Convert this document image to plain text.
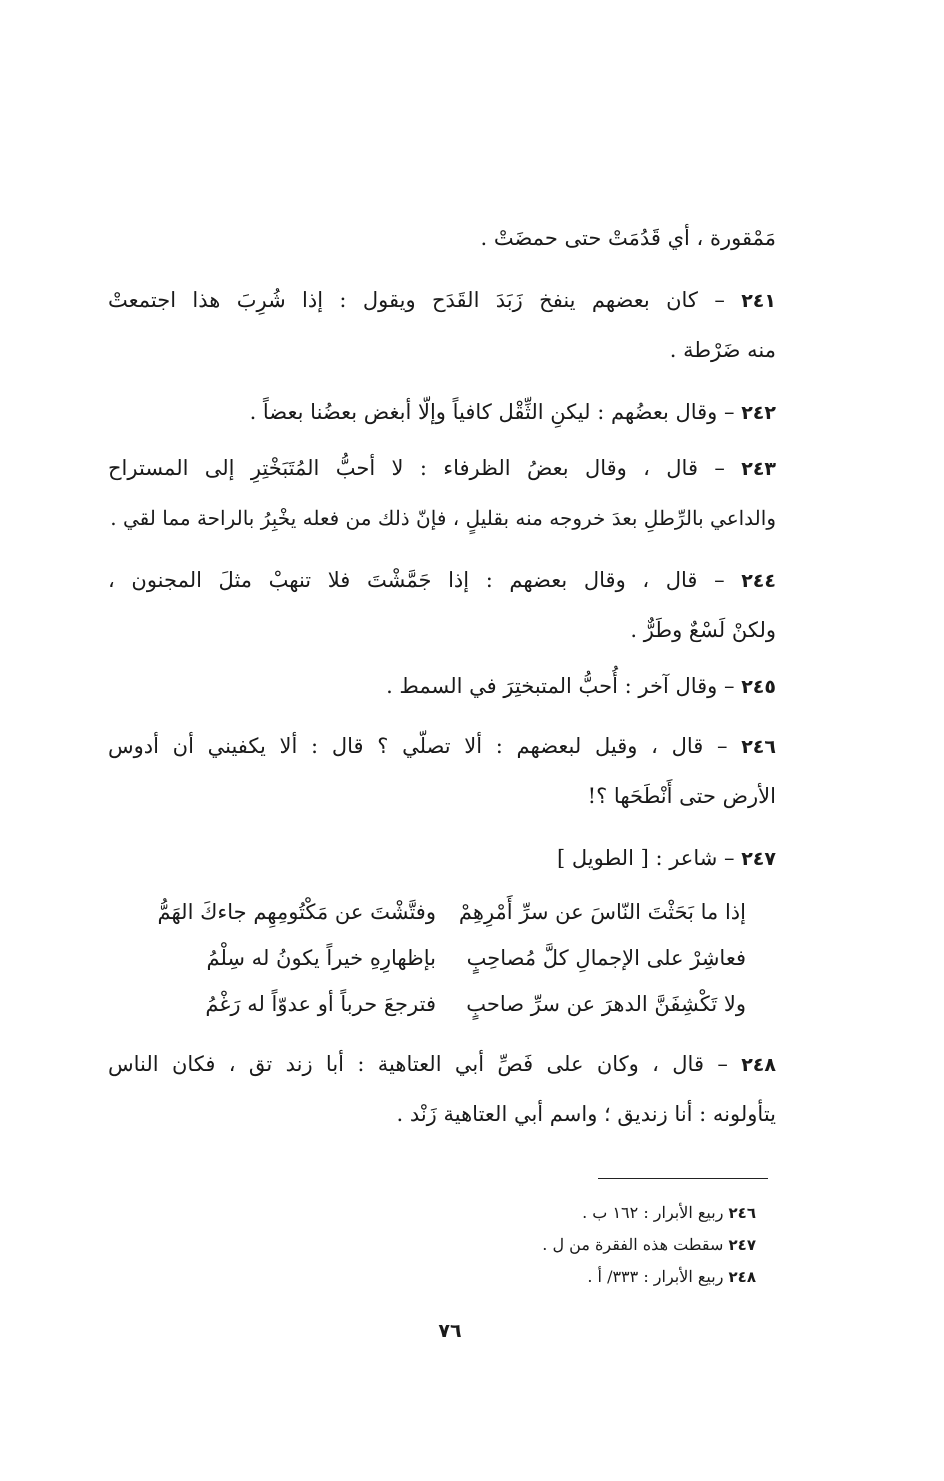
مَمْقورة ، أي قَدُمَتْ حتى حمضَتْ .
٢٤١ – كان بعضهم ينفخ زَبَدَ القَدَح ويقول : إذا شُرِبَ هذا اجتمعتْ
منه ضَرْطة .
٢٤٢ – وقال بعضُهم : ليكنِ الثِّقْل كافياً وإلّا أبغض بعضُنا بعضاً .
٢٤٣ – قال ، وقال بعضُ الظرفاء : لا أحبُّ المُتَبَخْتِرِ إلى المستراح
والداعي بالرِّطلِ بعدَ خروجه منه بقليلٍ ، فإنّ ذلك من فعله يخْبِرُ بالراحة مما لقي .
٢٤٤ – قال ، وقال بعضهم : إذا جَمَّشْتَ فلا تنهبْ مثلَ المجنون ،
ولكنْ لَسْعٌ وطَرٌّ .
٢٤٥ – وقال آخر : أُحبُّ المتبختِرَ في السمط .
٢٤٦ – قال ، وقيل لبعضهم : ألا تصلّي ؟ قال : ألا يكفيني أن أدوس
الأرض حتى أَنْطَحَها ؟!
٢٤٧ – شاعر : [ الطويل ]
إذا ما بَحَثْتَ النّاسَ عن سرِّ أَمْرِهِمْ
وفتَّشْتَ عن مَكْتُومِهِم جاءكَ الهَمُّ
فعاشِرْ على الإجمالِ كلَّ مُصاحِبٍ
بإظهارِهِ خيراً يكونُ له سِلْمُ
ولا تَكْشِفَنَّ الدهرَ عن سرِّ صاحبٍ
فترجعَ حرباً أو عدوّاً له رَغْمُ
٢٤٨ – قال ، وكان على فَصِّ أبي العتاهية : أبا زند تق ، فكان الناس
يتأولونه : أنا زنديق ؛ واسم أبي العتاهية زَنْد .
٢٤٦ ربيع الأبرار : ١٦٢ ب .
٢٤٧ سقطت هذه الفقرة من ل .
٢٤٨ ربيع الأبرار : ٣٣٣/ أ .
٧٦
